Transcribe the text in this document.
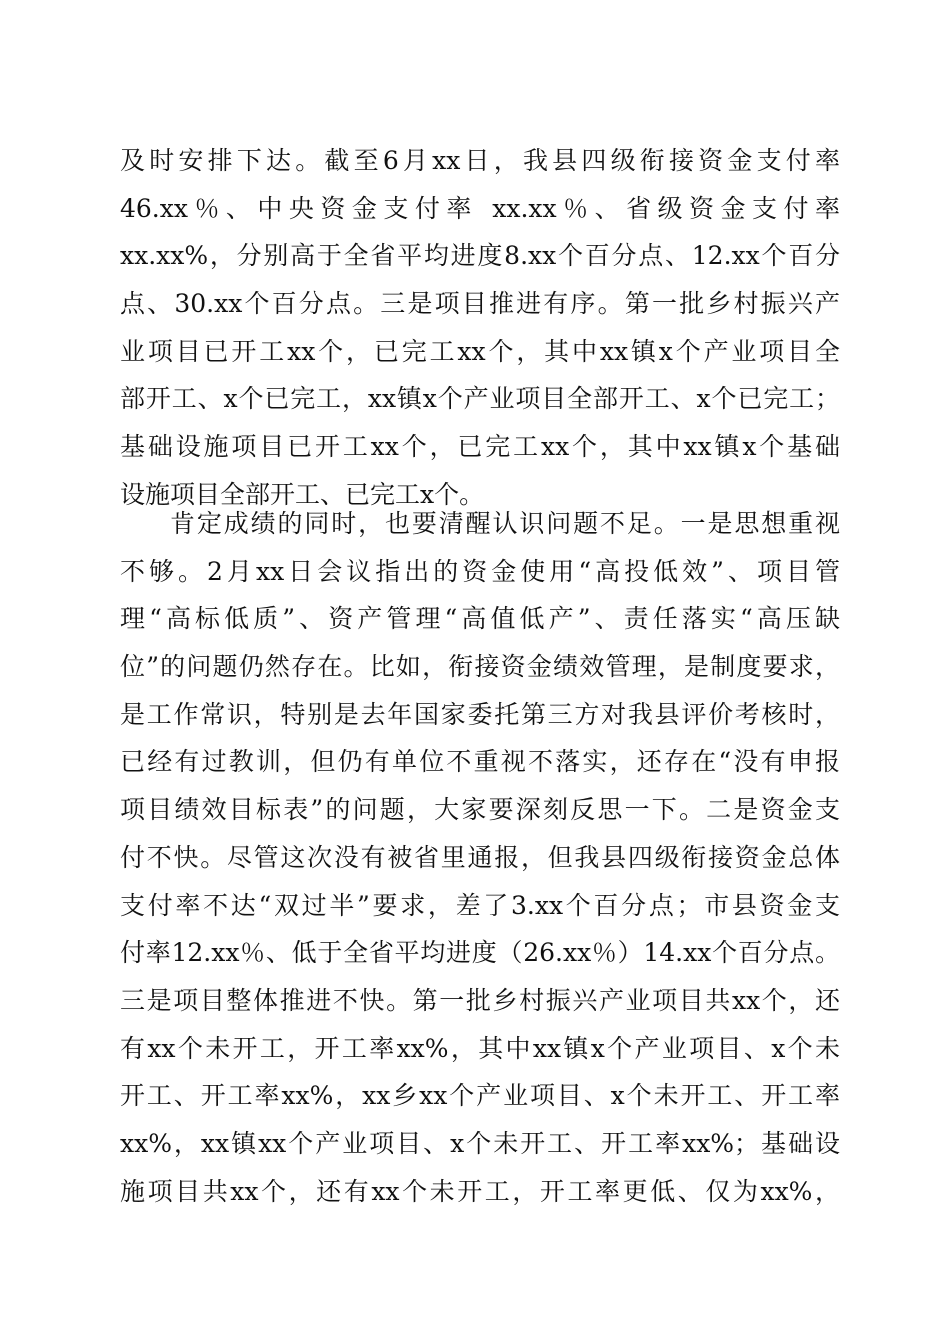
及时安排下达。截至6月xx日，我县四级衔接资金支付率
46.xx％、中央资金支付率 xx.xx％、省级资金支付率
xx.xx%，分别高于全省平均进度8.xx个百分点、12.xx个百分
点、30.xx个百分点。三是项目推进有序。第一批乡村振兴产
业项目已开工xx个，已完工xx个，其中xx镇x个产业项目全
部开工、x个已完工，xx镇x个产业项目全部开工、x个已完工；
基础设施项目已开工xx个，已完工xx个，其中xx镇x个基础
设施项目全部开工、已完工x个。
肯定成绩的同时，也要清醒认识问题不足。一是思想重视
不够。2月xx日会议指出的资金使用“高投低效”、项目管
理“高标低质”、资产管理“高值低产”、责任落实“高压缺
位”的问题仍然存在。比如，衔接资金绩效管理，是制度要求，
是工作常识，特别是去年国家委托第三方对我县评价考核时，
已经有过教训，但仍有单位不重视不落实，还存在“没有申报
项目绩效目标表”的问题，大家要深刻反思一下。二是资金支
付不快。尽管这次没有被省里通报，但我县四级衔接资金总体
支付率不达“双过半”要求，差了3.xx个百分点；市县资金支
付率12.xx％、低于全省平均进度（26.xx％）14.xx个百分点。
三是项目整体推进不快。第一批乡村振兴产业项目共xx个，还
有xx个未开工，开工率xx%，其中xx镇x个产业项目、x个未
开工、开工率xx%，xx乡xx个产业项目、x个未开工、开工率
xx%，xx镇xx个产业项目、x个未开工、开工率xx%；基础设
施项目共xx个，还有xx个未开工，开工率更低、仅为xx%，
